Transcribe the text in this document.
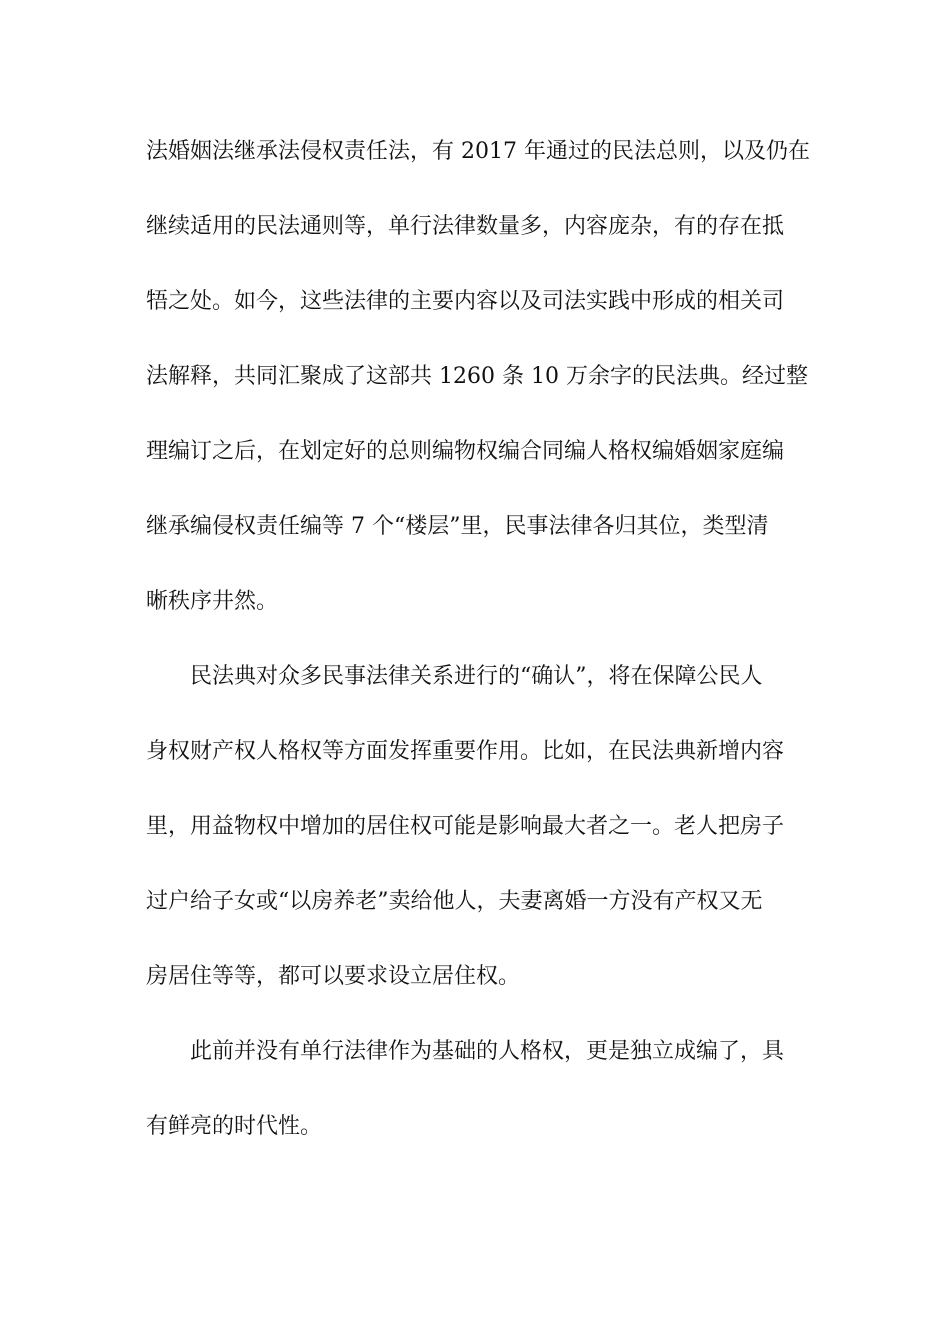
法婚姻法继承法侵权责任法，有 2017 年通过的民法总则，以及仍在
继续适用的民法通则等，单行法律数量多，内容庞杂，有的存在抵
牾之处。如今，这些法律的主要内容以及司法实践中形成的相关司
法解释，共同汇聚成了这部共 1260 条 10 万余字的民法典。经过整
理编订之后，在划定好的总则编物权编合同编人格权编婚姻家庭编
继承编侵权责任编等 7 个“楼层”里，民事法律各归其位，类型清
晰秩序井然。
民法典对众多民事法律关系进行的“确认”，将在保障公民人
身权财产权人格权等方面发挥重要作用。比如，在民法典新增内容
里，用益物权中增加的居住权可能是影响最大者之一。老人把房子
过户给子女或“以房养老”卖给他人，夫妻离婚一方没有产权又无
房居住等等，都可以要求设立居住权。
此前并没有单行法律作为基础的人格权，更是独立成编了，具
有鲜亮的时代性。
